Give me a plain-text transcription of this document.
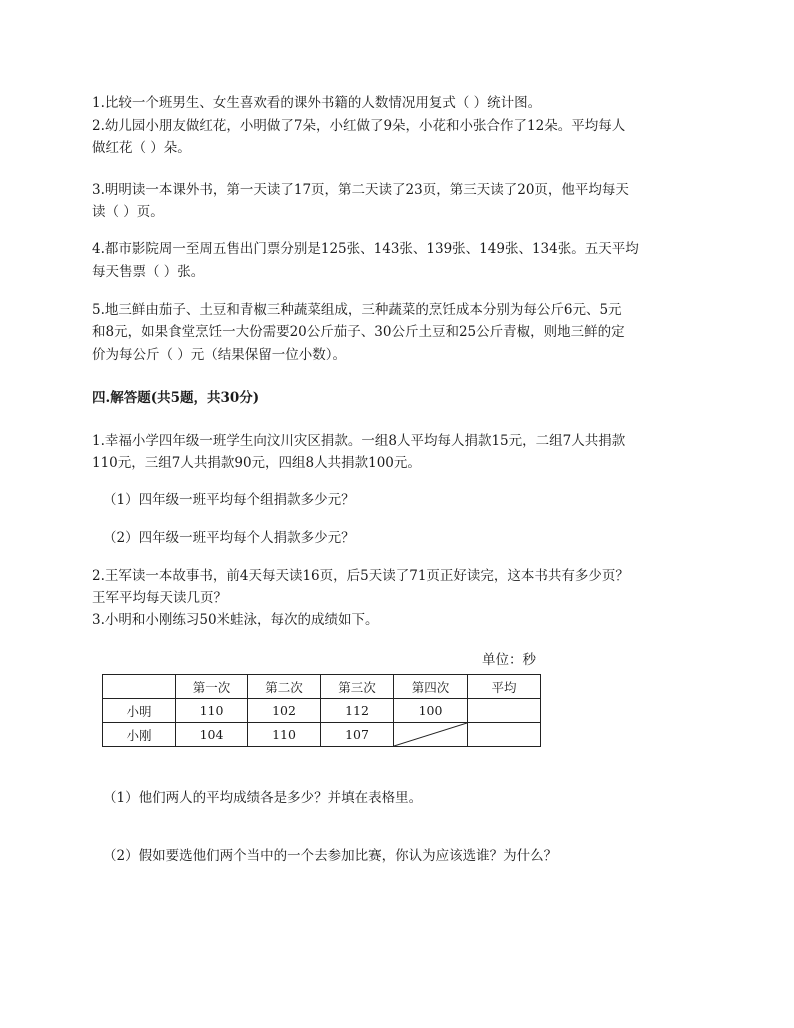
1.比较一个班男生、女生喜欢看的课外书籍的人数情况用复式（ ）统计图。
2.幼儿园小朋友做红花，小明做了7朵，小红做了9朵，小花和小张合作了12朵。平均每人
做红花（ ）朵。
3.明明读一本课外书，第一天读了17页，第二天读了23页，第三天读了20页，他平均每天
读（ ）页。
4.都市影院周一至周五售出门票分别是125张、143张、139张、149张、134张。五天平均
每天售票（ ）张。
5.地三鲜由茄子、土豆和青椒三种蔬菜组成，三种蔬菜的烹饪成本分别为每公斤6元、5元
和8元，如果食堂烹饪一大份需要20公斤茄子、30公斤土豆和25公斤青椒，则地三鲜的定
价为每公斤（ ）元（结果保留一位小数）。
四.解答题(共5题，共30分)
1.幸福小学四年级一班学生向汶川灾区捐款。一组8人平均每人捐款15元，二组7人共捐款
110元，三组7人共捐款90元，四组8人共捐款100元。
（1）四年级一班平均每个组捐款多少元？
（2）四年级一班平均每个人捐款多少元？
2.王军读一本故事书，前4天每天读16页，后5天读了71页正好读完，这本书共有多少页？
王军平均每天读几页？
3.小明和小刚练习50米蛙泳，每次的成绩如下。
单位：秒
	第一次	第二次	第三次	第四次	平均
小明	110	102	112	100	
小刚	104	110	107	

（1）他们两人的平均成绩各是多少？并填在表格里。
（2）假如要选他们两个当中的一个去参加比赛，你认为应该选谁？为什么？
